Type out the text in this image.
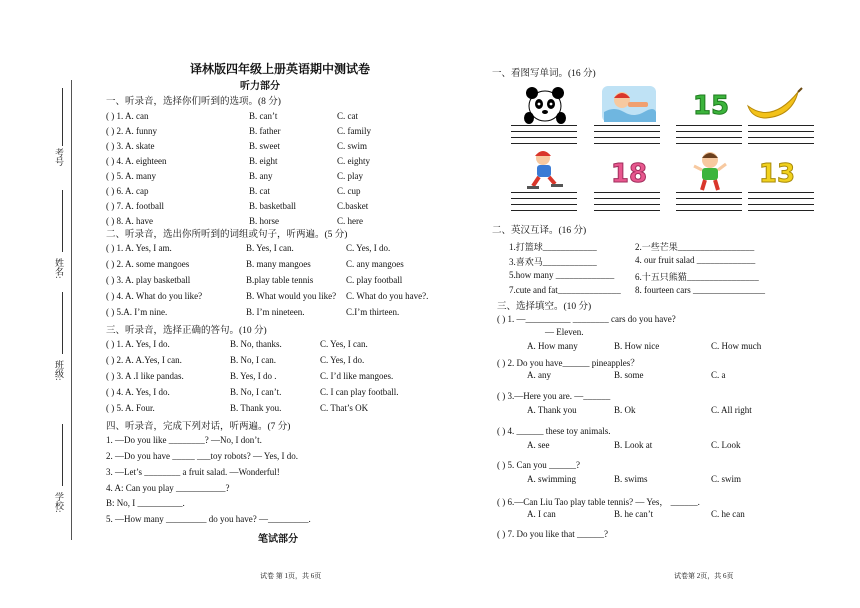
考号
姓名:
班级:
学校:
译林版四年级上册英语期中测试卷
听力部分
一、听录音，选择你们听到的选项。(8 分)
( ) 1. A. can	B. can’t	C. cat
( ) 2. A. funny	B. father	C. family
( ) 3. A. skate	B. sweet	C. swim
( ) 4. A. eighteen	B. eight	C. eighty
( ) 5. A. many	B. any	C. play
( ) 6. A. cap	B. cat	C. cup
( ) 7. A. football	B. basketball	C.basket
( ) 8. A. have	B. horse	C. here
二、听录音，选出你所听到的词组或句子，听两遍。(5 分)
( ) 1. A. Yes, I am.	B. Yes, I can.	C. Yes, I do.
( ) 2. A. some mangoes	B. many mangoes	C. any mangoes
( ) 3. A. play basketball	B.play table tennis	C. play football
( ) 4. A. What do you like?	B. What would you like? C. What do you have?.
( ) 5.A. I’m nine.	B. I’m nineteen.	C.I’m thirteen.
三、听录音，选择正确的答句。(10 分)
( ) 1. A. Yes, I do.	B. No, thanks.	C. Yes, I can.
( ) 2. A. A.Yes, I can.	B. No, I can.	C. Yes, I do.
( ) 3. A .I like pandas.	B. Yes, I do .	C. I’d like mangoes.
( ) 4. A. Yes, I do.	B. No, I can’t.	C. I can play football.
( ) 5. A. Four.	B. Thank you.	C. That’s OK
四、听录音，完成下列对话，听两遍。(7 分)
1. —Do you like ________? —No, I don’t.
2. —Do you have _____ ___toy robots? — Yes, I do.
3. —Let’s ________ a fruit salad. —Wonderful!
4. A: Can you play ___________?
B: No, I __________.
5. —How many _________ do you have? —_________.
笔试部分
试卷 第 1页，共 6页
一、看图写单词。(16 分)
15
18	13
二、英汉互译。(16 分)
1.打篮球____________	2.一些芒果_________________
3.喜欢马____________	4. our fruit salad _____________
5.how many _____________ 6.十五只熊猫________________
7.cute and fat______________ 8. fourteen cars ________________
三、选择填空。(10 分)
( ) 1. —__________ ________ cars do you have?
— Eleven.
A. How many	B. How nice	C. How much
( ) 2. Do you have______ pineapples？
A. any	B. some	C. a
( ) 3.—Here you are. —______
A. Thank you	B. Ok	C. All right
( ) 4. ______ these toy animals.
A. see	B. Look at	C. Look
( ) 5. Can you ______?
A. swimming	B. swims	C. swim
( ) 6.—Can Liu Tao play table tennis? — Yes， ______.
A. I can	B. he can’t	C. he can
( ) 7. Do you like that ______?
试卷第 2页，共 6页
